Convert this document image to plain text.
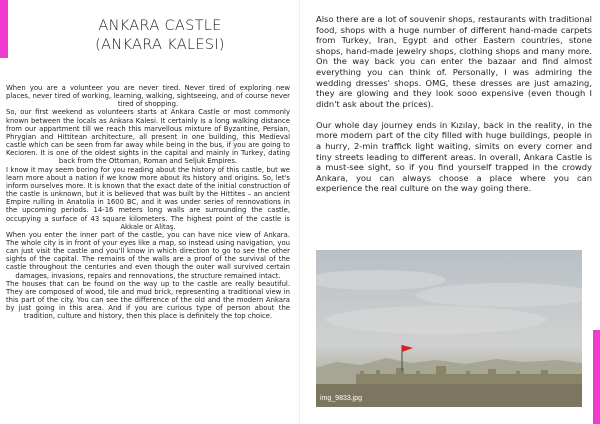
ANKARA CASTLE
(ANKARA KALESI)

When you are a volunteer you are never tired. Never tired of exploring new places, never tired of working, learning, walking, sightseeing, and of course never tired of shopping.

So, our first weekend as volunteers starts at Ankara Castle or most commonly known between the locals as Ankara Kalesi. It certainly is a long walking distance from our appartment till we reach this marvellous mixture of Byzantine, Persian, Phrygian and Hittitean architecture, all present in one building, this Medieval castle which can be seen from far away while being in the bus, if you are going to Kecioren. It is one of the oldest sights in the capital and mainly in Turkey, dating back from the Ottoman, Roman and Seljuk Empires.

I know it may seem boring for you reading about the history of this castle, but we learn more about a nation if we know more about its history and origins. So, let's inform ourselves more. It is known that the exact date of the initial construction of the castle is unknown, but it is believed that was built by the Hittites – an ancient Empire rulling in Anatolia in 1600 BC, and it was under series of rennovations in the upcoming periods. 14-16 meters long walls are surrounding the castle, occupying a surface of 43 square kilometers. The highest point of the castle is Akkale or Alitaş.

When you enter the inner part of the castle, you can have nice view of Ankara. The whole city is in front of your eyes like a map, so instead using navigation, you can just visit the castle and you'll know in which direction to go to see the other sights of the capital. The remains of the walls are a proof of the survival of the castle throughout the centuries and even though the outer wall survived certain damages, invasions, repairs and rennovations, the structure remained intact.

The houses that can be found on the way up to the castle are really beautiful. They are composed of wood, tile and mud brick, representing a traditional view in this part of the city. You can see the difference of the old and the modern Ankara by just going in this area. And if you are curious type of person about the tradition, culture and history, then this place is definitely the top choice.

Also there are a lot of souvenir shops, restaurants with traditional food, shops with a huge number of different hand-made carpets from Turkey, Iran, Egypt and other Eastern countries, stone shops, hand-made jewelry shops, clothing shops and many more. On the way back you can enter the bazaar and find almost everything you can think of. Personally, I was admiring the wedding dresses' shops. OMG, these dresses are just amazing, they are glowing and they look sooo expensive (even though I didn't ask about the prices).

Our whole day journey ends in Kızılay, back in the reality, in the more modern part of the city filled with huge buildings, people in a hurry, 2-min traffick light waiting, simits on every corner and tiny streets leading to different areas. In overall, Ankara Castle is a must-see sight, so if you find yourself trapped in the crowdy Ankara, you can always choose a place where you can experience the real culture on the way going there.

img_9833.jpg
